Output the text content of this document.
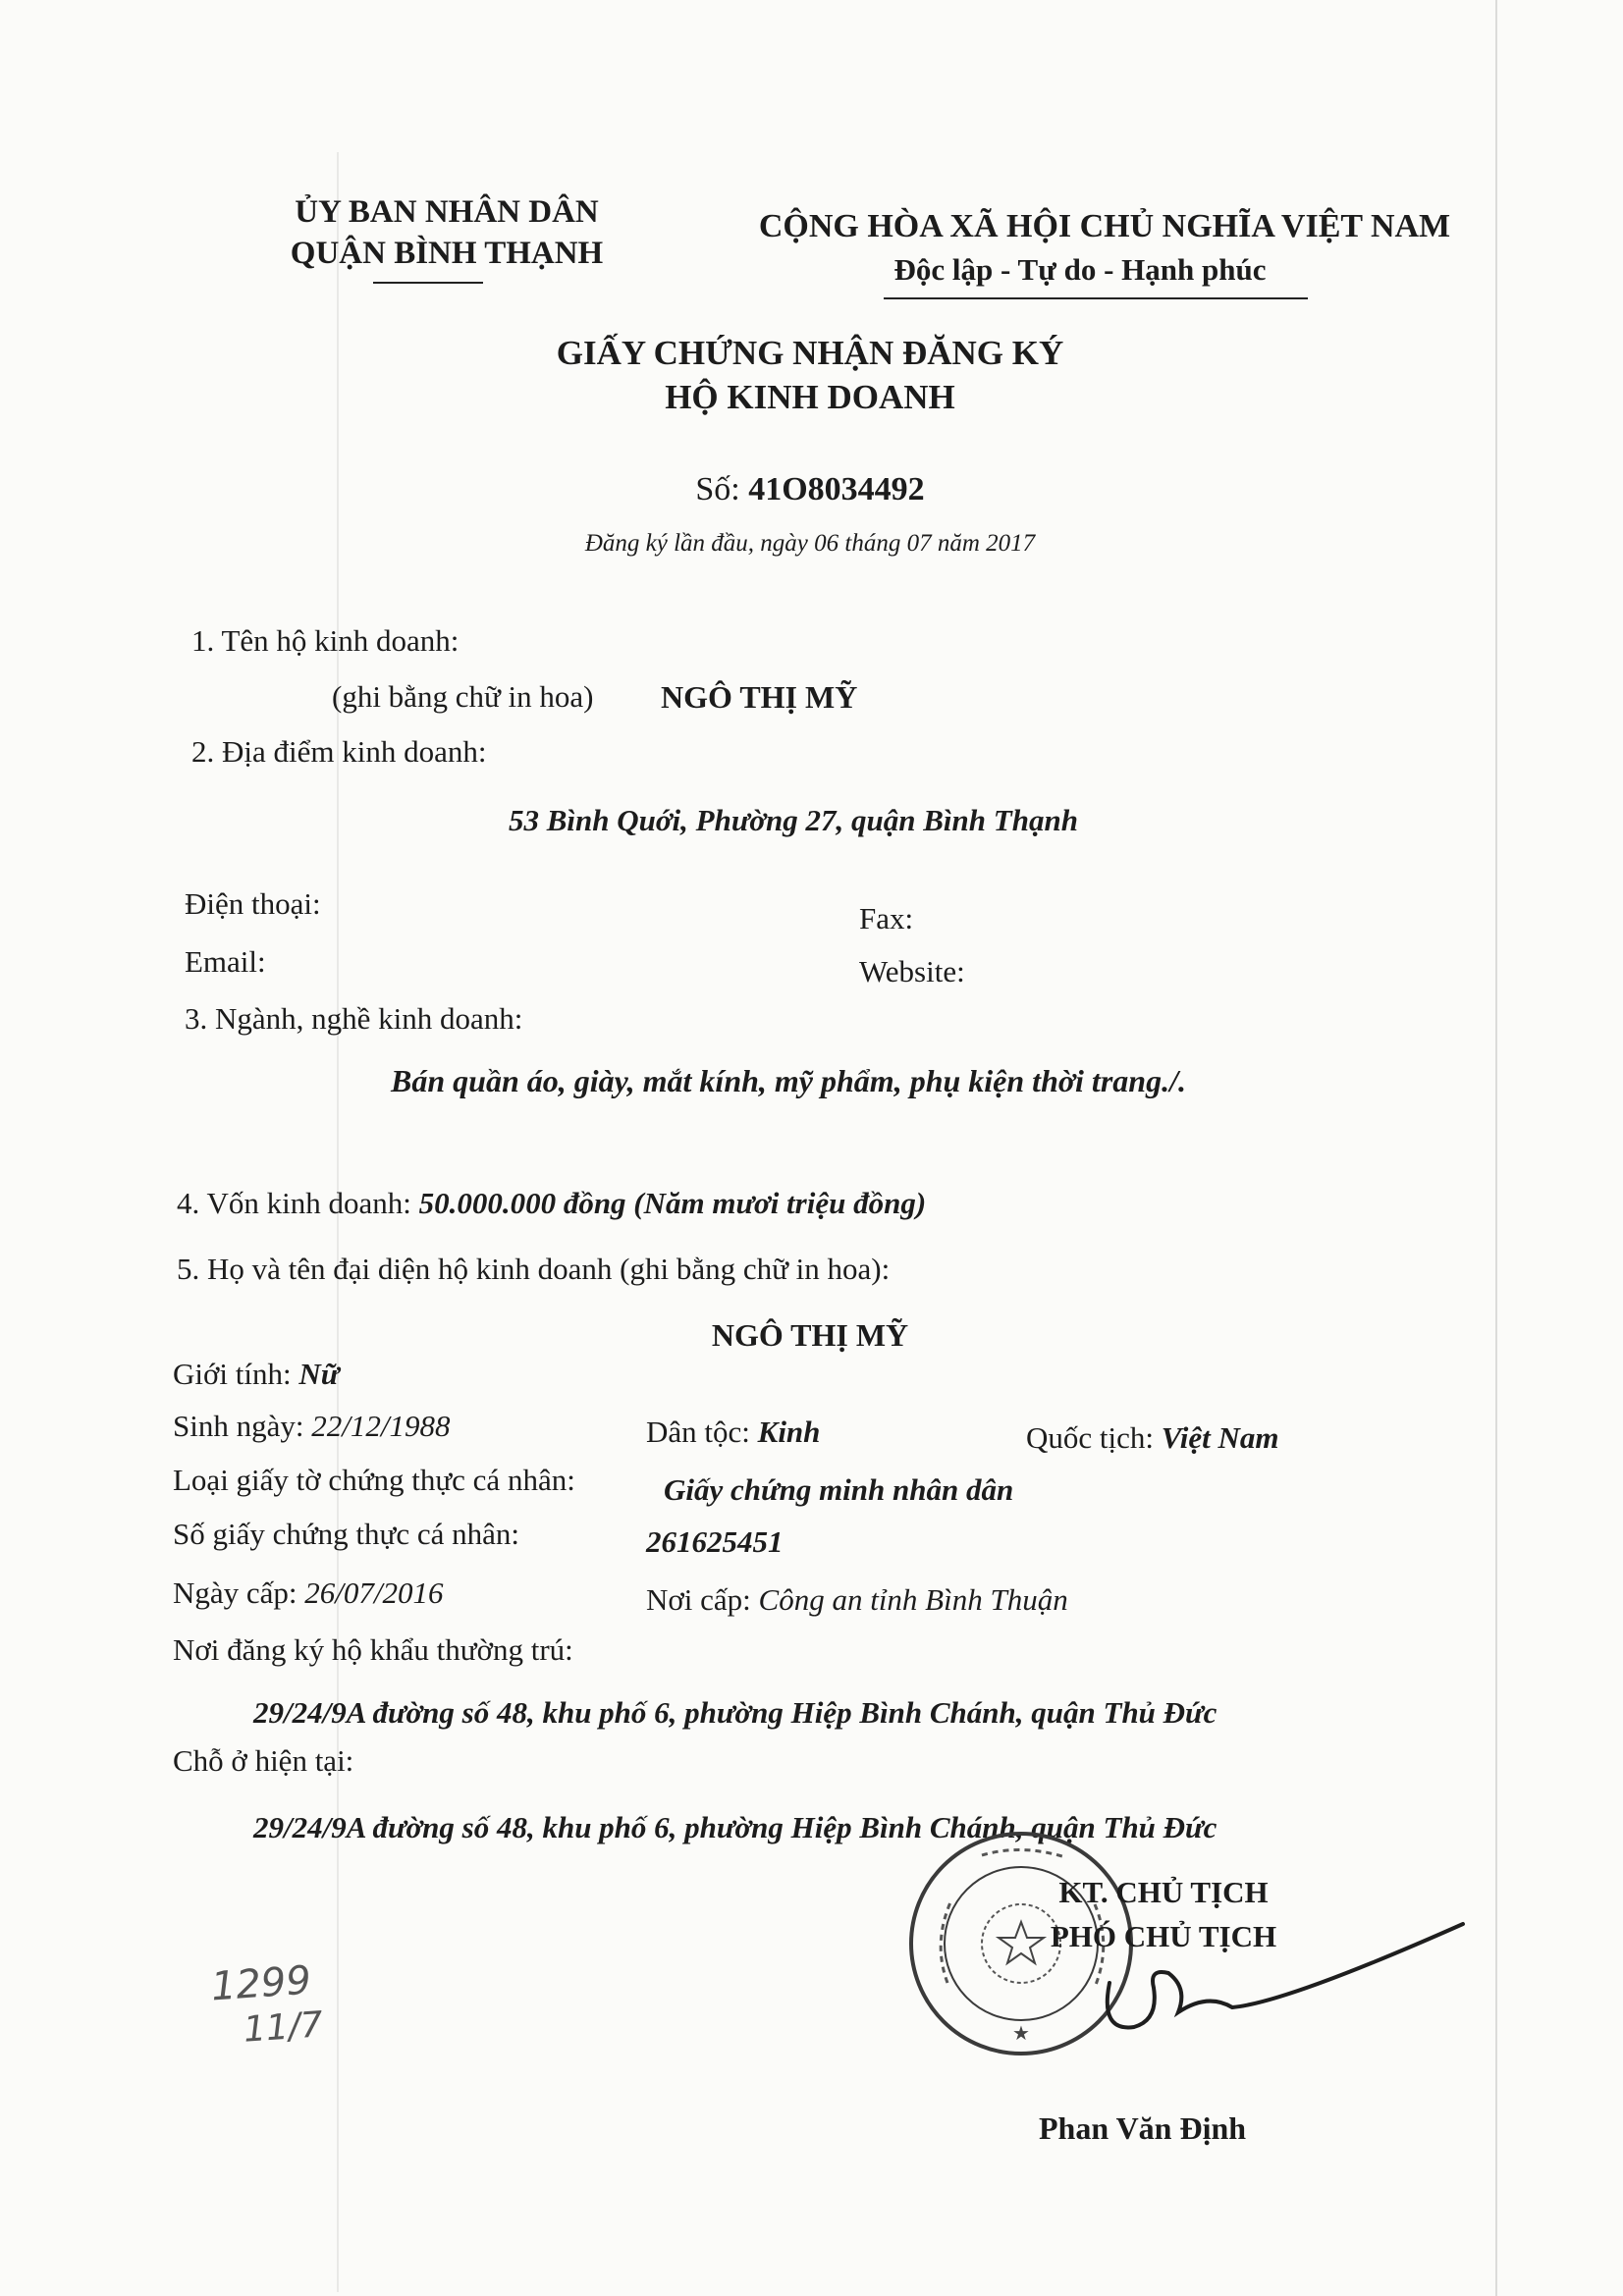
ỦY BAN NHÂN DÂN
QUẬN BÌNH THẠNH
CỘNG HÒA XÃ HỘI CHỦ NGHĨA VIỆT NAM
Độc lập - Tự do - Hạnh phúc
GIẤY CHỨNG NHẬN ĐĂNG KÝ
HỘ KINH DOANH
Số: 41O8034492
Đăng ký lần đầu, ngày 06 tháng 07 năm 2017
1. Tên hộ kinh doanh:
(ghi bằng chữ in hoa) NGÔ THỊ MỸ
2. Địa điểm kinh doanh:
53 Bình Quới, Phường 27, quận Bình Thạnh
Điện thoại:	Fax:
Email:	Website:
3. Ngành, nghề kinh doanh:
Bán quần áo, giày, mắt kính, mỹ phẩm, phụ kiện thời trang./.
4. Vốn kinh doanh: 50.000.000 đồng (Năm mươi triệu đồng)
5. Họ và tên đại diện hộ kinh doanh (ghi bằng chữ in hoa):
NGÔ THỊ MỸ
Giới tính: Nữ
Sinh ngày: 22/12/1988	Dân tộc: Kinh	Quốc tịch: Việt Nam
Loại giấy tờ chứng thực cá nhân:	Giấy chứng minh nhân dân
Số giấy chứng thực cá nhân:	261625451
Ngày cấp: 26/07/2016	Nơi cấp: Công an tỉnh Bình Thuận
Nơi đăng ký hộ khẩu thường trú:
29/24/9A đường số 48, khu phố 6, phường Hiệp Bình Chánh, quận Thủ Đức
Chỗ ở hiện tại:
29/24/9A đường số 48, khu phố 6, phường Hiệp Bình Chánh, quận Thủ Đức
1299
11/7	★
KT. CHỦ TỊCH
PHÓ CHỦ TỊCH
Phan Văn Định
